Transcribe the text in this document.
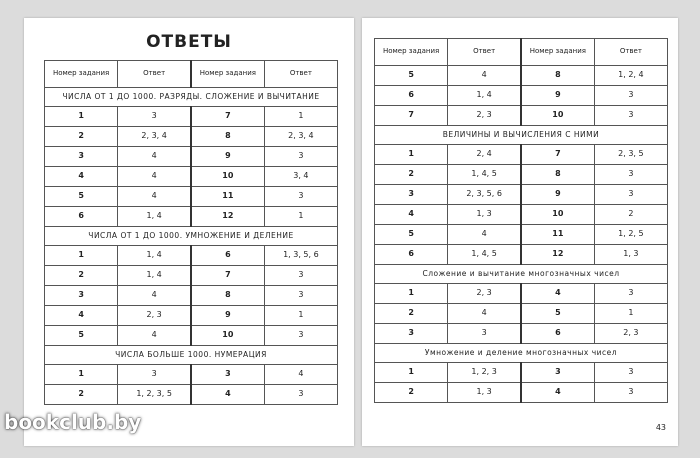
ОТВЕТЫ
Номер задания	Ответ	Номер задания	Ответ
ЧИСЛА ОТ 1 ДО 1000. РАЗРЯДЫ. СЛОЖЕНИЕ И ВЫЧИТАНИЕ			
1	3	7	1
2	2, 3, 4	8	2, 3, 4
3	4	9	3
4	4	10	3, 4
5	4	11	3
6	1, 4	12	1
ЧИСЛА ОТ 1 ДО 1000. УМНОЖЕНИЕ И ДЕЛЕНИЕ			
1	1, 4	6	1, 3, 5, 6
2	1, 4	7	3
3	4	8	3
4	2, 3	9	1
5	4	10	3
ЧИСЛА БОЛЬШЕ 1000. НУМЕРАЦИЯ			
1	3	3	4
2	1, 2, 3, 5	4	3
Номер задания	Ответ	Номер задания	Ответ
5	4	8	1, 2, 4
6	1, 4	9	3
7	2, 3	10	3
ВЕЛИЧИНЫ И ВЫЧИСЛЕНИЯ С НИМИ			
1	2, 4	7	2, 3, 5
2	1, 4, 5	8	3
3	2, 3, 5, 6	9	3
4	1, 3	10	2
5	4	11	1, 2, 5
6	1, 4, 5	12	1, 3
Сложение и вычитание многозначных чисел			
1	2, 3	4	3
2	4	5	1
3	3	6	2, 3
Умножение и деление многозначных чисел			
1	1, 2, 3	3	3
2	1, 3	4	3
43
bookclub.by
